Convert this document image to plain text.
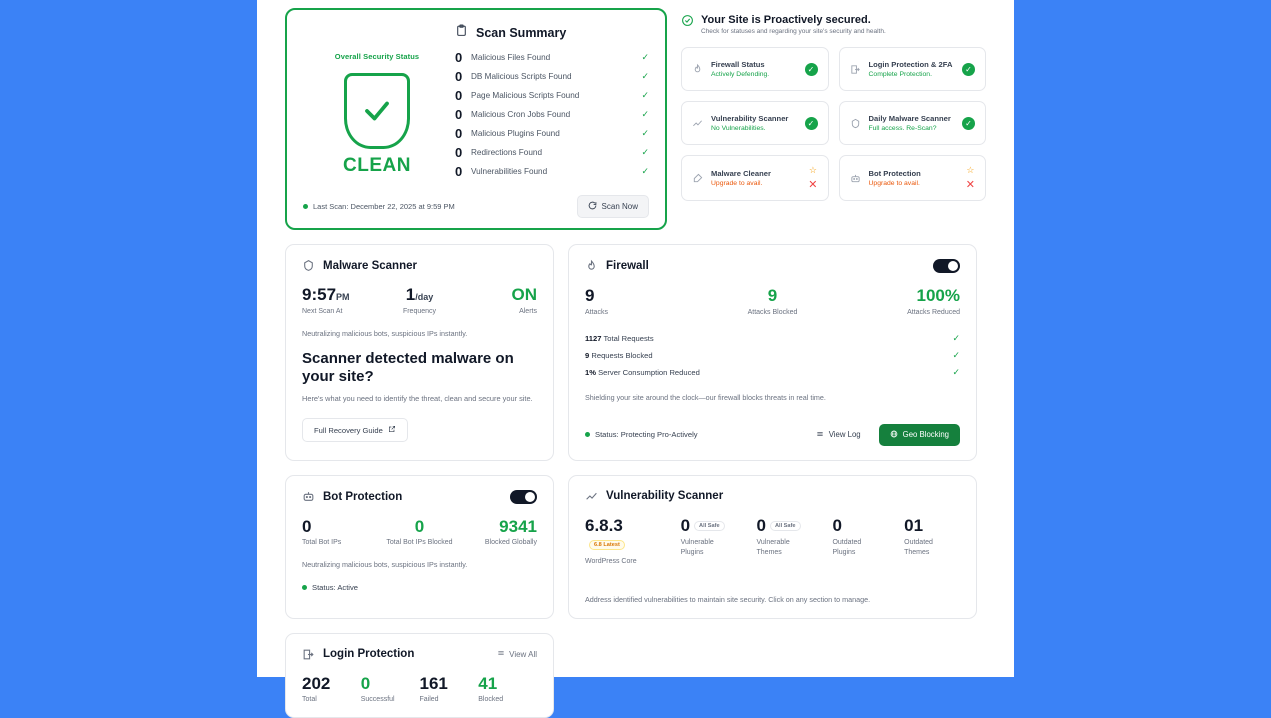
Overall Security Status
CLEAN
Scan Summary
0	Malicious Files Found	✓
0	DB Malicious Scripts Found	✓
0	Page Malicious Scripts Found	✓
0	Malicious Cron Jobs Found	✓
0	Malicious Plugins Found	✓
0	Redirections Found	✓
0	Vulnerabilities Found	✓
Last Scan: December 22, 2025 at 9:59 PM	Scan Now
Your Site is Proactively secured.
Check for statuses and regarding your site's security and health.
Firewall Status
Actively Defending.
✓	Login Protection & 2FA
Complete Protection.
✓
Vulnerability Scanner
No Vulnerabilities.
✓	Daily Malware Scanner
Full access. Re-Scan?
✓
Malware Cleaner
Upgrade to avail.
☆
✕
Bot Protection
Upgrade to avail.
☆
✕
Malware Scanner
9:57PM
Next Scan At
1/day
Frequency
ON
Alerts
Neutralizing malicious bots, suspicious IPs instantly.
Scanner detected malware on your site?
Here's what you need to identify the threat, clean and secure your site.
Full Recovery Guide
Firewall
9
Attacks
9
Attacks Blocked
100%
Attacks Reduced
1127 Total Requests	✓
9 Requests Blocked	✓
1% Server Consumption Reduced	✓
Shielding your site around the clock—our firewall blocks threats in real time.
Status: Protecting Pro-Actively	View Log	Geo Blocking
Bot Protection
0
Total Bot IPs
0
Total Bot IPs Blocked
9341
Blocked Globally
Neutralizing malicious bots, suspicious IPs instantly.
Status: Active
Vulnerability Scanner
6.8.36.8 Latest
WordPress Core
0 All Safe
Vulnerable Plugins
0 All Safe
Vulnerable Themes
0
Outdated Plugins
01
Outdated Themes
Address identified vulnerabilities to maintain site security. Click on any section to manage.
Login Protection	View All
202
Total
0
Successful
161
Failed
41
Blocked
